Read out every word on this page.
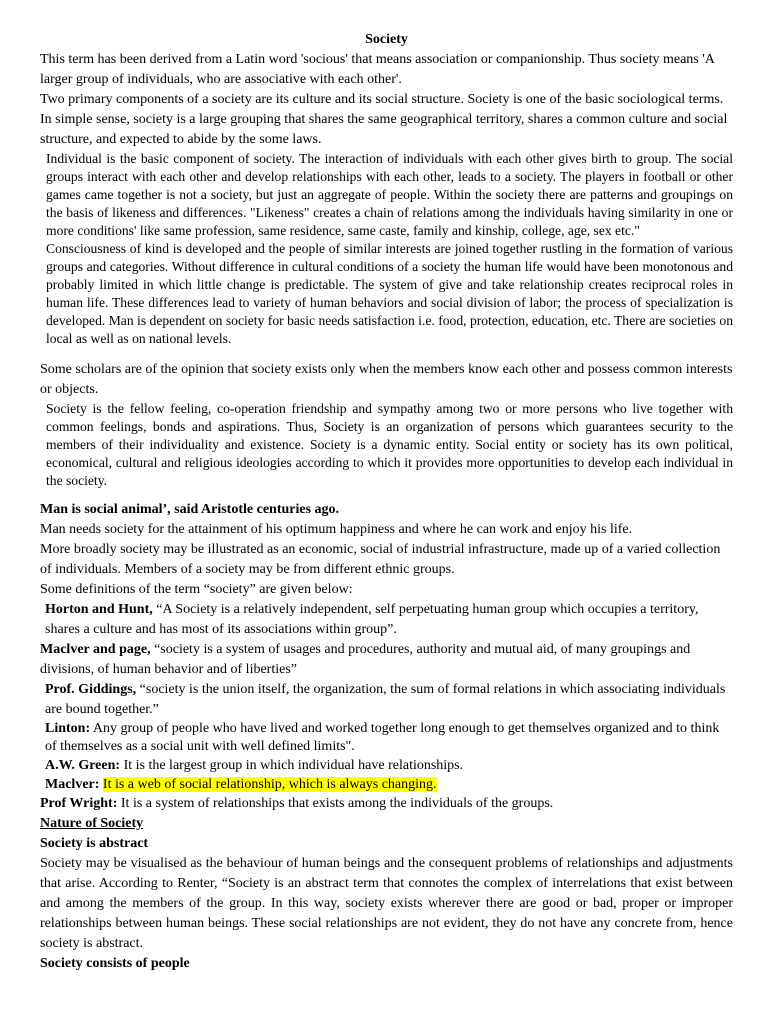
Society

This term has been derived from a Latin word 'socious' that means association or companionship. Thus society means 'A larger group of individuals, who are associative with each other'.

Two primary components of a society are its culture and its social structure. Society is one of the basic sociological terms. In simple sense, society is a large grouping that shares the same geographical territory, shares a common culture and social structure, and expected to abide by the some laws.

Individual is the basic component of society. The interaction of individuals with each other gives birth to group. The social groups interact with each other and develop relationships with each other, leads to a society. The players in football or other games came together is not a society, but just an aggregate of people. Within the society there are patterns and groupings on the basis of likeness and differences. "Likeness" creates a chain of relations among the individuals having similarity in one or more conditions' like same profession, same residence, same caste, family and kinship, college, age, sex etc."

Consciousness of kind is developed and the people of similar interests are joined together rustling in the formation of various groups and categories. Without difference in cultural conditions of a society the human life would have been monotonous and probably limited in which little change is predictable. The system of give and take relationship creates reciprocal roles in human life. These differences lead to variety of human behaviors and social division of labor; the process of specialization is developed. Man is dependent on society for basic needs satisfaction i.e. food, protection, education, etc. There are societies on local as well as on national levels.

Some scholars are of the opinion that society exists only when the members know each other and possess common interests or objects.

Society is the fellow feeling, co-operation friendship and sympathy among two or more persons who live together with common feelings, bonds and aspirations. Thus, Society is an organization of persons which guarantees security to the members of their individuality and existence. Society is a dynamic entity. Social entity or society has its own political, economical, cultural and religious ideologies according to which it provides more opportunities to develop each individual in the society.

Man is social animal’, said Aristotle centuries ago.

Man needs society for the attainment of his optimum happiness and where he can work and enjoy his life.

More broadly society may be illustrated as an economic, social of industrial infrastructure, made up of a varied collection of individuals. Members of a society may be from different ethnic groups.

Some definitions of the term “society” are given below:

Horton and Hunt, “A Society is a relatively independent, self perpetuating human group which occupies a territory, shares a culture and has most of its associations within group”.

Maclver and page, “society is a system of usages and procedures, authority and mutual aid, of many groupings and divisions, of human behavior and of liberties”

Prof. Giddings, “society is the union itself, the organization, the sum of formal relations in which associating individuals are bound together.”

Linton: Any group of people who have lived and worked together long enough to get themselves organized and to think of themselves as a social unit with well defined limits".

A.W. Green: It is the largest group in which individual have relationships.

Maclver: It is a web of social relationship, which is always changing.

Prof Wright: It is a system of relationships that exists among the individuals of the groups.

Nature of Society

Society is abstract

Society may be visualised as the behaviour of human beings and the consequent problems of relationships and adjustments that arise. According to Renter, “Society is an abstract term that connotes the complex of interrelations that exist between and among the members of the group. In this way, society exists wherever there are good or bad, proper or improper relationships between human beings. These social relationships are not evident, they do not have any concrete from, hence society is abstract.

Society consists of people
